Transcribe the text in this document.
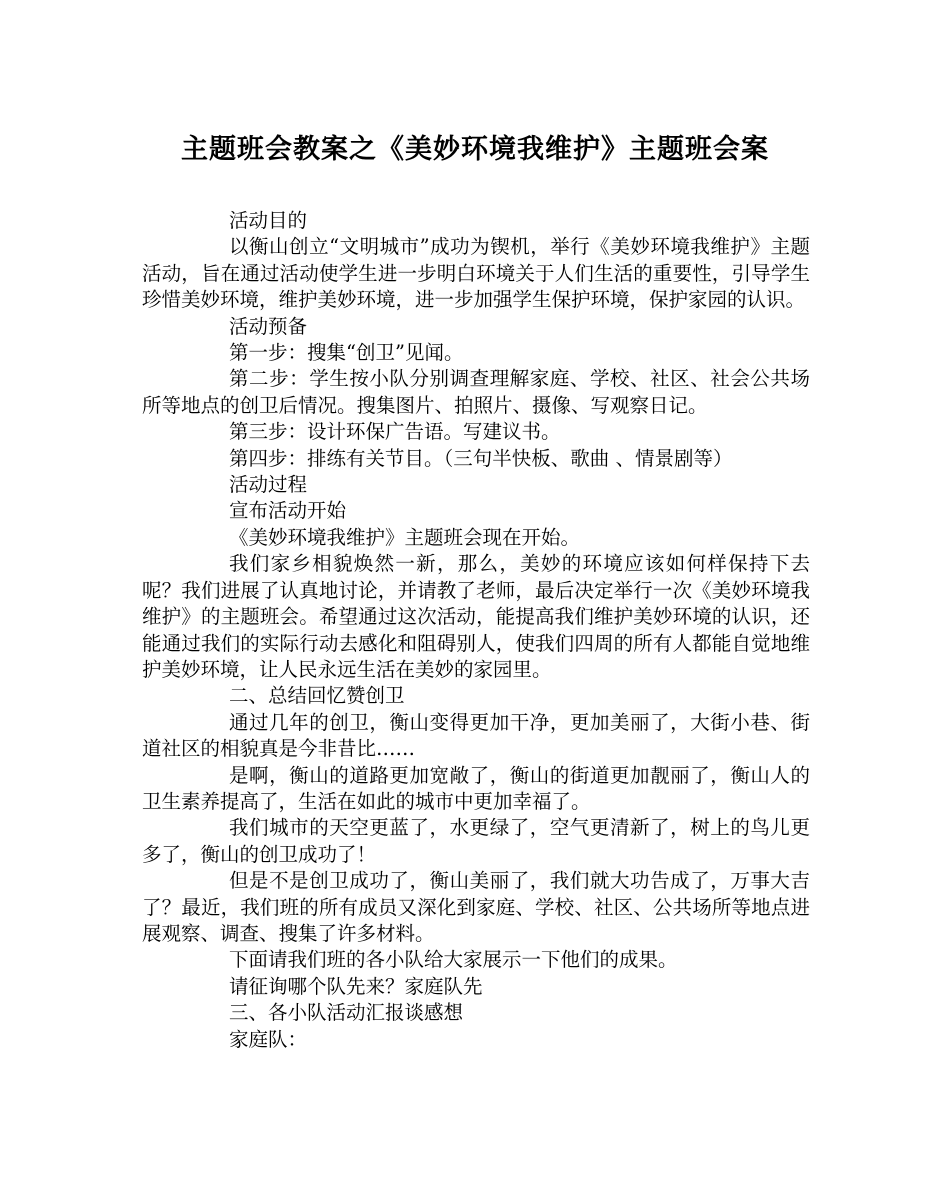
主题班会教案之《美妙环境我维护》主题班会案

活动目的

以衡山创立“文明城市”成功为锲机，举行《美妙环境我维护》主题活动，旨在通过活动使学生进一步明白环境关于人们生活的重要性，引导学生珍惜美妙环境，维护美妙环境，进一步加强学生保护环境，保护家园的认识。

活动预备

第一步：搜集“创卫”见闻。

第二步：学生按小队分别调查理解家庭、学校、社区、社会公共场所等地点的创卫后情况。搜集图片、拍照片、摄像、写观察日记。

第三步：设计环保广告语。写建议书。

第四步：排练有关节目。（三句半快板、歌曲 、情景剧等）

活动过程

宣布活动开始

《美妙环境我维护》主题班会现在开始。

我们家乡相貌焕然一新，那么，美妙的环境应该如何样保持下去呢？我们进展了认真地讨论，并请教了老师，最后决定举行一次《美妙环境我维护》的主题班会。希望通过这次活动，能提高我们维护美妙环境的认识，还能通过我们的实际行动去感化和阻碍别人，使我们四周的所有人都能自觉地维护美妙环境，让人民永远生活在美妙的家园里。

二、总结回忆赞创卫

通过几年的创卫，衡山变得更加干净，更加美丽了，大街小巷、街道社区的相貌真是今非昔比……

是啊，衡山的道路更加宽敞了，衡山的街道更加靓丽了，衡山人的卫生素养提高了，生活在如此的城市中更加幸福了。

我们城市的天空更蓝了，水更绿了，空气更清新了，树上的鸟儿更多了，衡山的创卫成功了！

但是不是创卫成功了，衡山美丽了，我们就大功告成了，万事大吉了？最近，我们班的所有成员又深化到家庭、学校、社区、公共场所等地点进展观察、调查、搜集了许多材料。

下面请我们班的各小队给大家展示一下他们的成果。

请征询哪个队先来？家庭队先

三、各小队活动汇报谈感想

家庭队：
